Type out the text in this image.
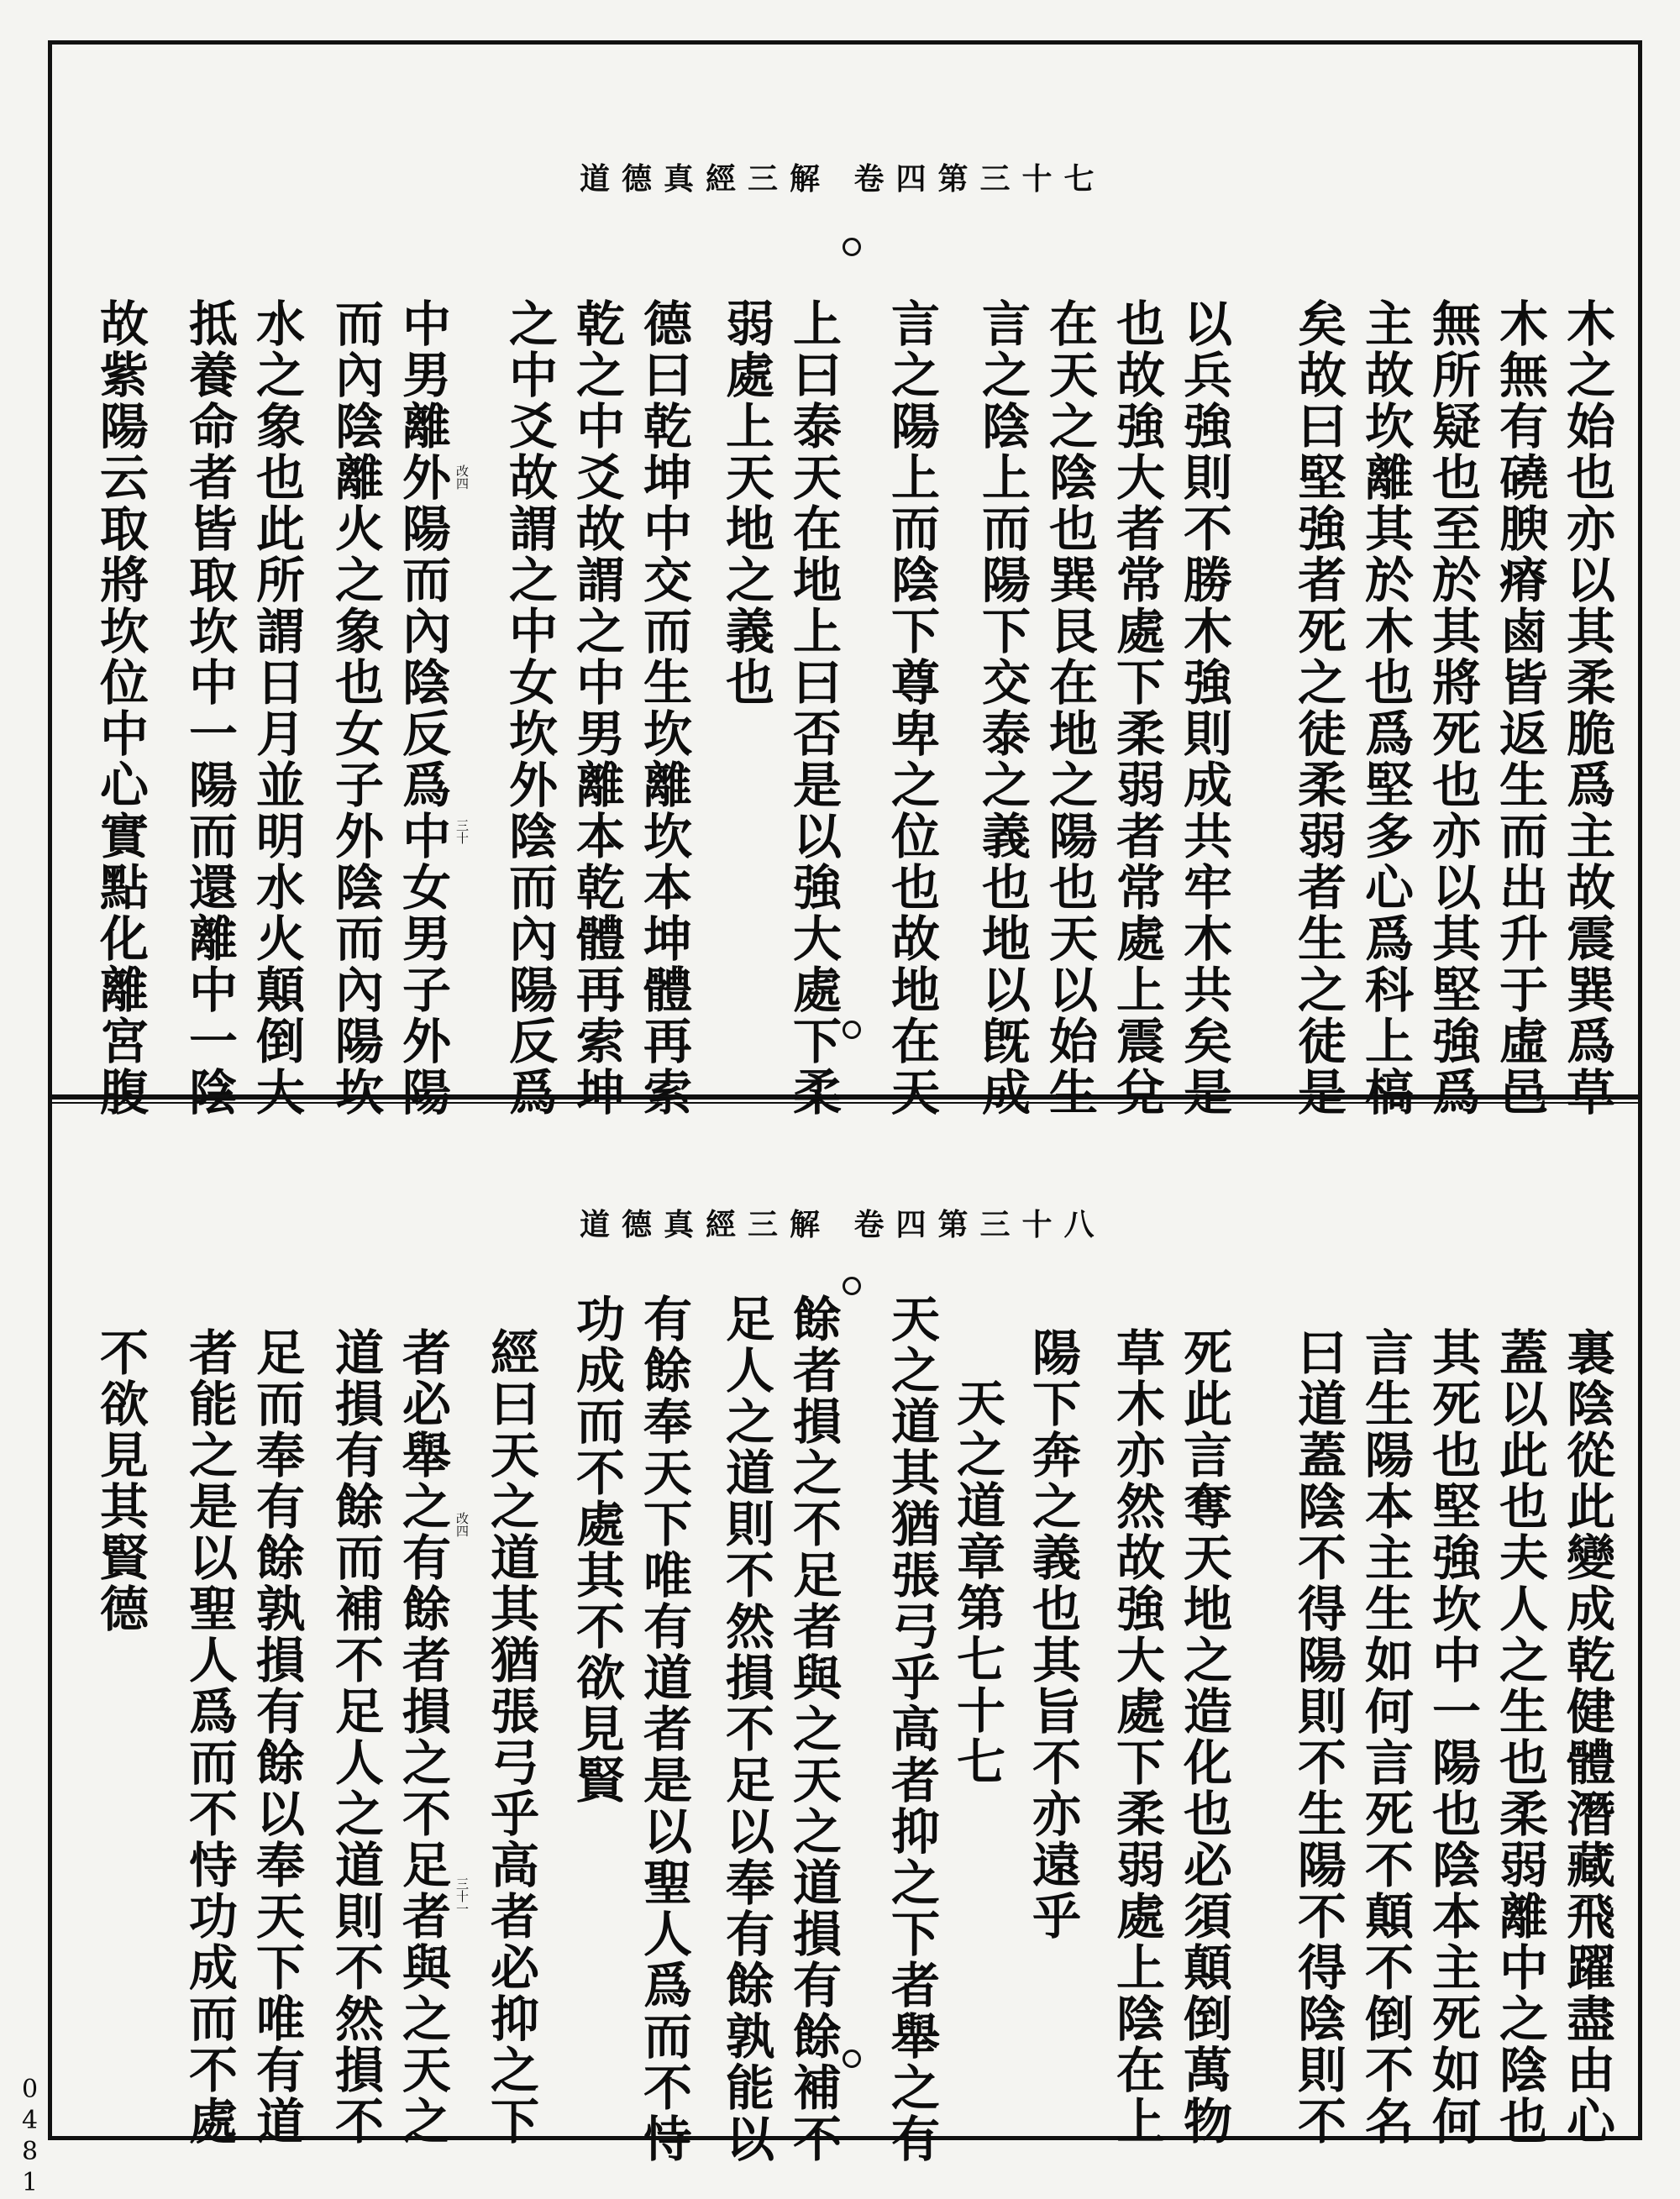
道德真經三解 卷四第三十七
木之始也亦以其柔脆爲主故震巽爲草
木無有磽腴瘠鹵皆返生而出升于虛邑
無所疑也至於其將死也亦以其堅強爲
主故坎離其於木也爲堅多心爲科上槁
矣故曰堅強者死之徒柔弱者生之徒是
以兵強則不勝木強則成共牢木共矣是
也故強大者常處下柔弱者常處上震兌
在天之陰也巽艮在地之陽也天以始生
言之陰上而陽下交泰之義也地以旣成
言之陽上而陰下尊卑之位也故地在天
上曰泰天在地上曰否是以強大處下柔
弱處上天地之義也
德曰乾坤中交而生坎離坎本坤體再索
乾之中爻故謂之中男離本乾體再索坤
之中爻故謂之中女坎外陰而內陽反爲
中男離外陽而內陰反爲中女男子外陽
而內陰離火之象也女子外陰而內陽坎
水之象也此所謂日月並明水火顛倒大
抵養命者皆取坎中一陽而還離中一陰
故紫陽云取將坎位中心實點化離宮腹	改四
三十
道德真經三解 卷四第三十八
裏陰從此變成乾健體潛藏飛躍盡由心
蓋以此也夫人之生也柔弱離中之陰也
其死也堅強坎中一陽也陰本主死如何
言生陽本主生如何言死不顛不倒不名
曰道蓋陰不得陽則不生陽不得陰則不
死此言奪天地之造化也必須顛倒萬物
草木亦然故強大處下柔弱處上陰在上
陽下奔之義也其旨不亦遠乎
天之道章第七十七
天之道其猶張弓乎高者抑之下者舉之有
餘者損之不足者與之天之道損有餘補不
足人之道則不然損不足以奉有餘孰能以
有餘奉天下唯有道者是以聖人爲而不恃
功成而不處其不欲見賢
經曰天之道其猶張弓乎高者必抑之下
者必舉之有餘者損之不足者與之天之
道損有餘而補不足人之道則不然損不
足而奉有餘孰損有餘以奉天下唯有道
者能之是以聖人爲而不恃功成而不處
不欲見其賢德	改四
三十一
0481
